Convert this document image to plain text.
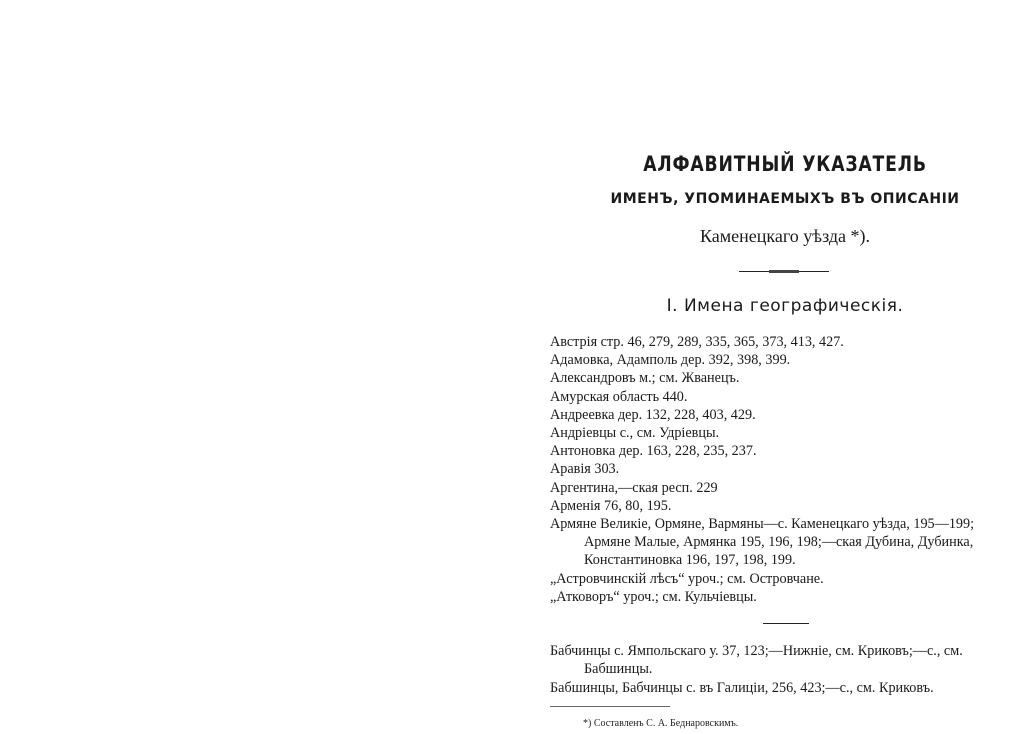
АЛФАВИТНЫЙ УКАЗАТЕЛЬ
ИМЕНЪ, УПОМИНАЕМЫХЪ ВЪ ОПИСАНІИ
Каменецкаго уѣзда *).
І. Имена географическія.
Австрія стр. 46, 279, 289, 335, 365, 373, 413, 427.
Адамовка, Адамполь дер. 392, 398, 399.
Александровъ м.; см. Жванецъ.
Амурская область 440.
Андреевка дер. 132, 228, 403, 429.
Андріевцы с., см. Удріевцы.
Антоновка дер. 163, 228, 235, 237.
Аравія 303.
Аргентина,—ская респ. 229
Арменія 76, 80, 195.
Армяне Великіе, Ормяне, Вармяны—с. Каменецкаго уѣзда, 195—199;
Армяне Малые, Армянка 195, 196, 198;—ская Дубина, Дубинка,
Константиновка 196, 197, 198, 199.
„Астровчинскій лѣсъ“ уроч.; см. Островчане.
„Атковоръ“ уроч.; см. Кульчіевцы.
Бабчинцы с. Ямпольскаго у. 37, 123;—Нижніе, см. Криковъ;—с., см.
Бабшинцы.
Бабшинцы, Бабчинцы с. въ Галиціи, 256, 423;—с., см. Криковъ.
*) Составленъ С. А. Беднаровскимъ.
